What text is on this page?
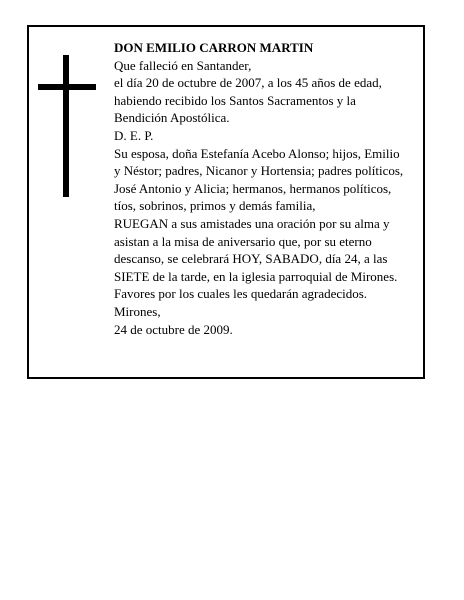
DON EMILIO CARRON MARTIN
Que falleció en Santander,
el día 20 de octubre de 2007, a los 45 años de edad,
habiendo recibido los Santos Sacramentos y la
Bendición Apostólica.
D. E. P.
Su esposa, doña Estefanía Acebo Alonso; hijos, Emilio
y Néstor; padres, Nicanor y Hortensia; padres políticos,
José Antonio y Alicia; hermanos, hermanos políticos,
tíos, sobrinos, primos y demás familia,
RUEGAN a sus amistades una oración por su alma y
asistan a la misa de aniversario que, por su eterno
descanso, se celebrará HOY, SABADO, día 24, a las
SIETE de la tarde, en la iglesia parroquial de Mirones.
Favores por los cuales les quedarán agradecidos.
Mirones,
24 de octubre de 2009.
